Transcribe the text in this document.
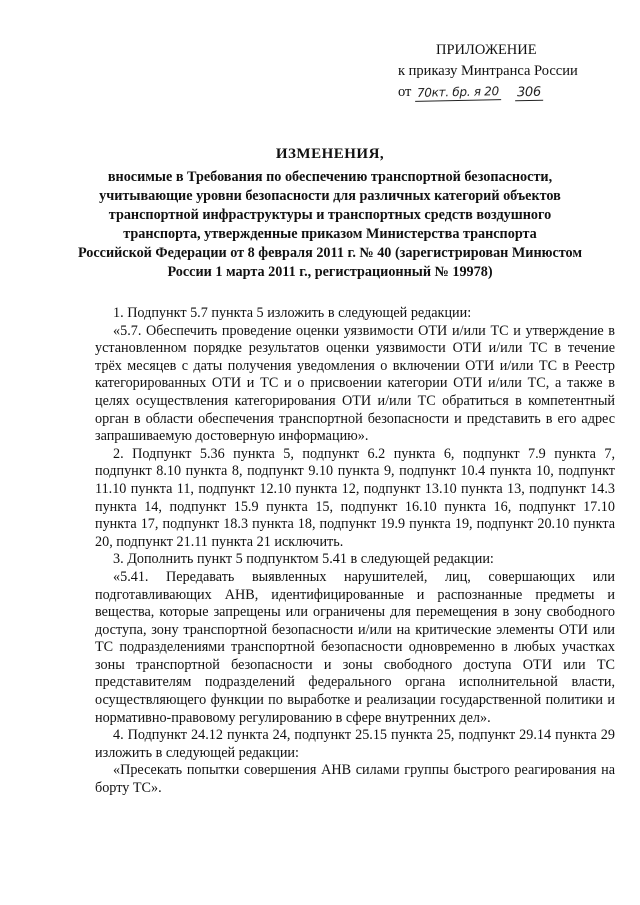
ПРИЛОЖЕНИЕ
к приказу Минтранса России
от 70кт. бр. я 20 306
ИЗМЕНЕНИЯ,
вносимые в Требования по обеспечению транспортной безопасности,
учитывающие уровни безопасности для различных категорий объектов
транспортной инфраструктуры и транспортных средств воздушного
транспорта, утвержденные приказом Министерства транспорта
Российской Федерации от 8 февраля 2011 г. № 40 (зарегистрирован Минюстом
России 1 марта 2011 г., регистрационный № 19978)

1. Подпункт 5.7 пункта 5 изложить в следующей редакции:

«5.7. Обеспечить проведение оценки уязвимости ОТИ и/или ТС и утверждение в установленном порядке результатов оценки уязвимости ОТИ и/или ТС в течение трёх месяцев с даты получения уведомления о включении ОТИ и/или ТС в Реестр категорированных ОТИ и ТС и о присвоении категории ОТИ и/или ТС, а также в целях осуществления категорирования ОТИ и/или ТС обратиться в компетентный орган в области обеспечения транспортной безопасности и представить в его адрес запрашиваемую достоверную информацию».

2. Подпункт 5.36 пункта 5, подпункт 6.2 пункта 6, подпункт 7.9 пункта 7, подпункт 8.10 пункта 8, подпункт 9.10 пункта 9, подпункт 10.4 пункта 10, подпункт 11.10 пункта 11, подпункт 12.10 пункта 12, подпункт 13.10 пункта 13, подпункт 14.3 пункта 14, подпункт 15.9 пункта 15, подпункт 16.10 пункта 16, подпункт 17.10 пункта 17, подпункт 18.3 пункта 18, подпункт 19.9 пункта 19, подпункт 20.10 пункта 20, подпункт 21.11 пункта 21 исключить.

3. Дополнить пункт 5 подпунктом 5.41 в следующей редакции:

«5.41. Передавать выявленных нарушителей, лиц, совершающих или подготавливающих АНВ, идентифицированные и распознанные предметы и вещества, которые запрещены или ограничены для перемещения в зону свободного доступа, зону транспортной безопасности и/или на критические элементы ОТИ или ТС подразделениями транспортной безопасности одновременно в любых участках зоны транспортной безопасности и зоны свободного доступа ОТИ или ТС представителям подразделений федерального органа исполнительной власти, осуществляющего функции по выработке и реализации государственной политики и нормативно-правовому регулированию в сфере внутренних дел».

4. Подпункт 24.12 пункта 24, подпункт 25.15 пункта 25, подпункт 29.14 пункта 29 изложить в следующей редакции:

«Пресекать попытки совершения АНВ силами группы быстрого реагирования на борту ТС».
